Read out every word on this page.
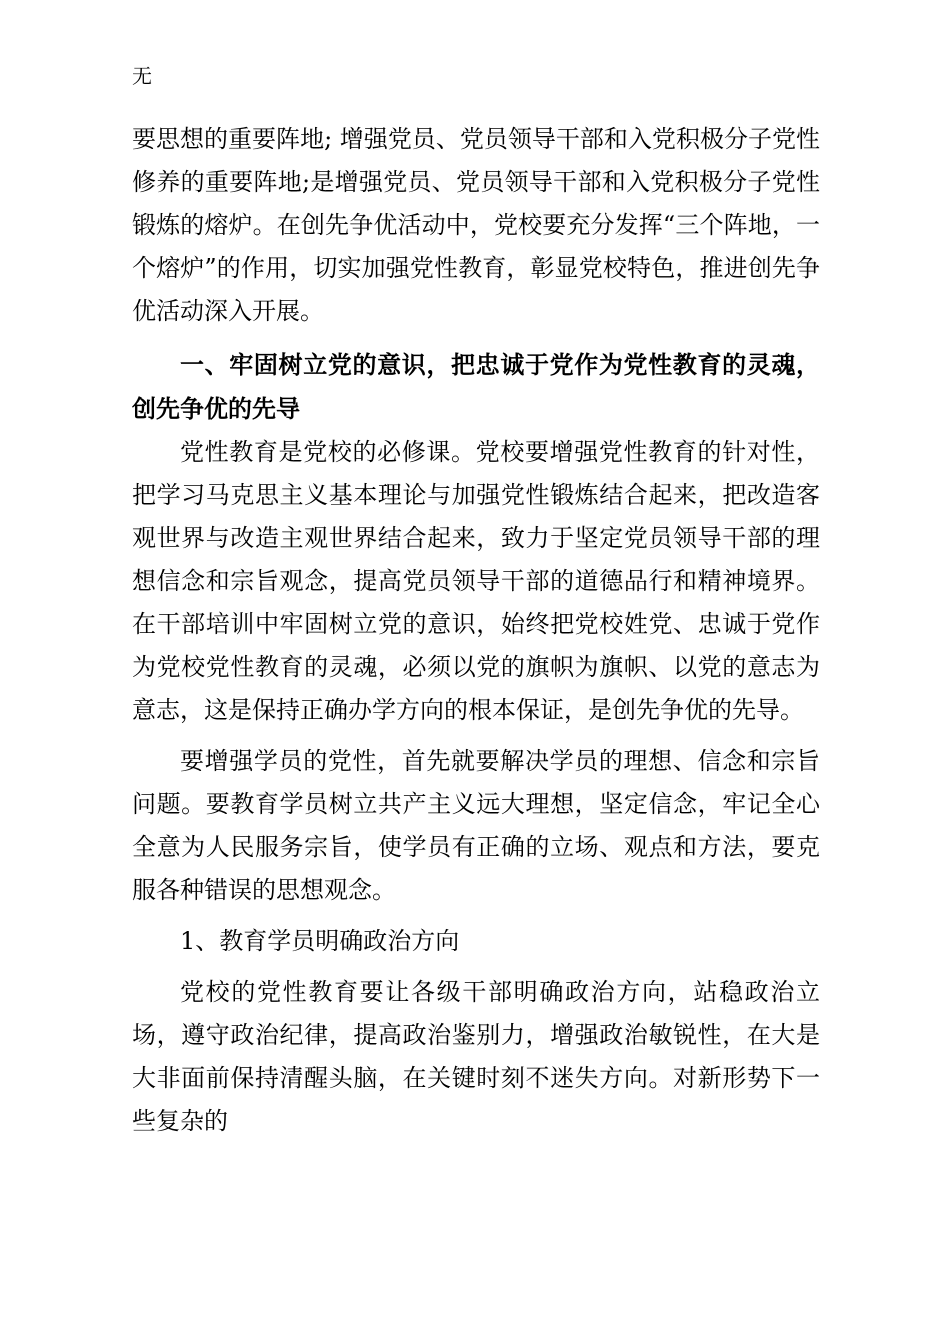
无

要思想的重要阵地; 增强党员、党员领导干部和入党积极分子党性修养的重要阵地;是增强党员、党员领导干部和入党积极分子党性锻炼的熔炉。在创先争优活动中，党校要充分发挥“三个阵地，一个熔炉”的作用，切实加强党性教育，彰显党校特色，推进创先争优活动深入开展。

一、牢固树立党的意识，把忠诚于党作为党性教育的灵魂，创先争优的先导

党性教育是党校的必修课。党校要增强党性教育的针对性，把学习马克思主义基本理论与加强党性锻炼结合起来，把改造客观世界与改造主观世界结合起来，致力于坚定党员领导干部的理想信念和宗旨观念，提高党员领导干部的道德品行和精神境界。在干部培训中牢固树立党的意识，始终把党校姓党、忠诚于党作为党校党性教育的灵魂，必须以党的旗帜为旗帜、以党的意志为意志，这是保持正确办学方向的根本保证，是创先争优的先导。

要增强学员的党性，首先就要解决学员的理想、信念和宗旨问题。要教育学员树立共产主义远大理想，坚定信念，牢记全心全意为人民服务宗旨，使学员有正确的立场、观点和方法，要克服各种错误的思想观念。

1、教育学员明确政治方向

党校的党性教育要让各级干部明确政治方向，站稳政治立场，遵守政治纪律，提高政治鉴别力，增强政治敏锐性，在大是大非面前保持清醒头脑，在关键时刻不迷失方向。对新形势下一些复杂的
